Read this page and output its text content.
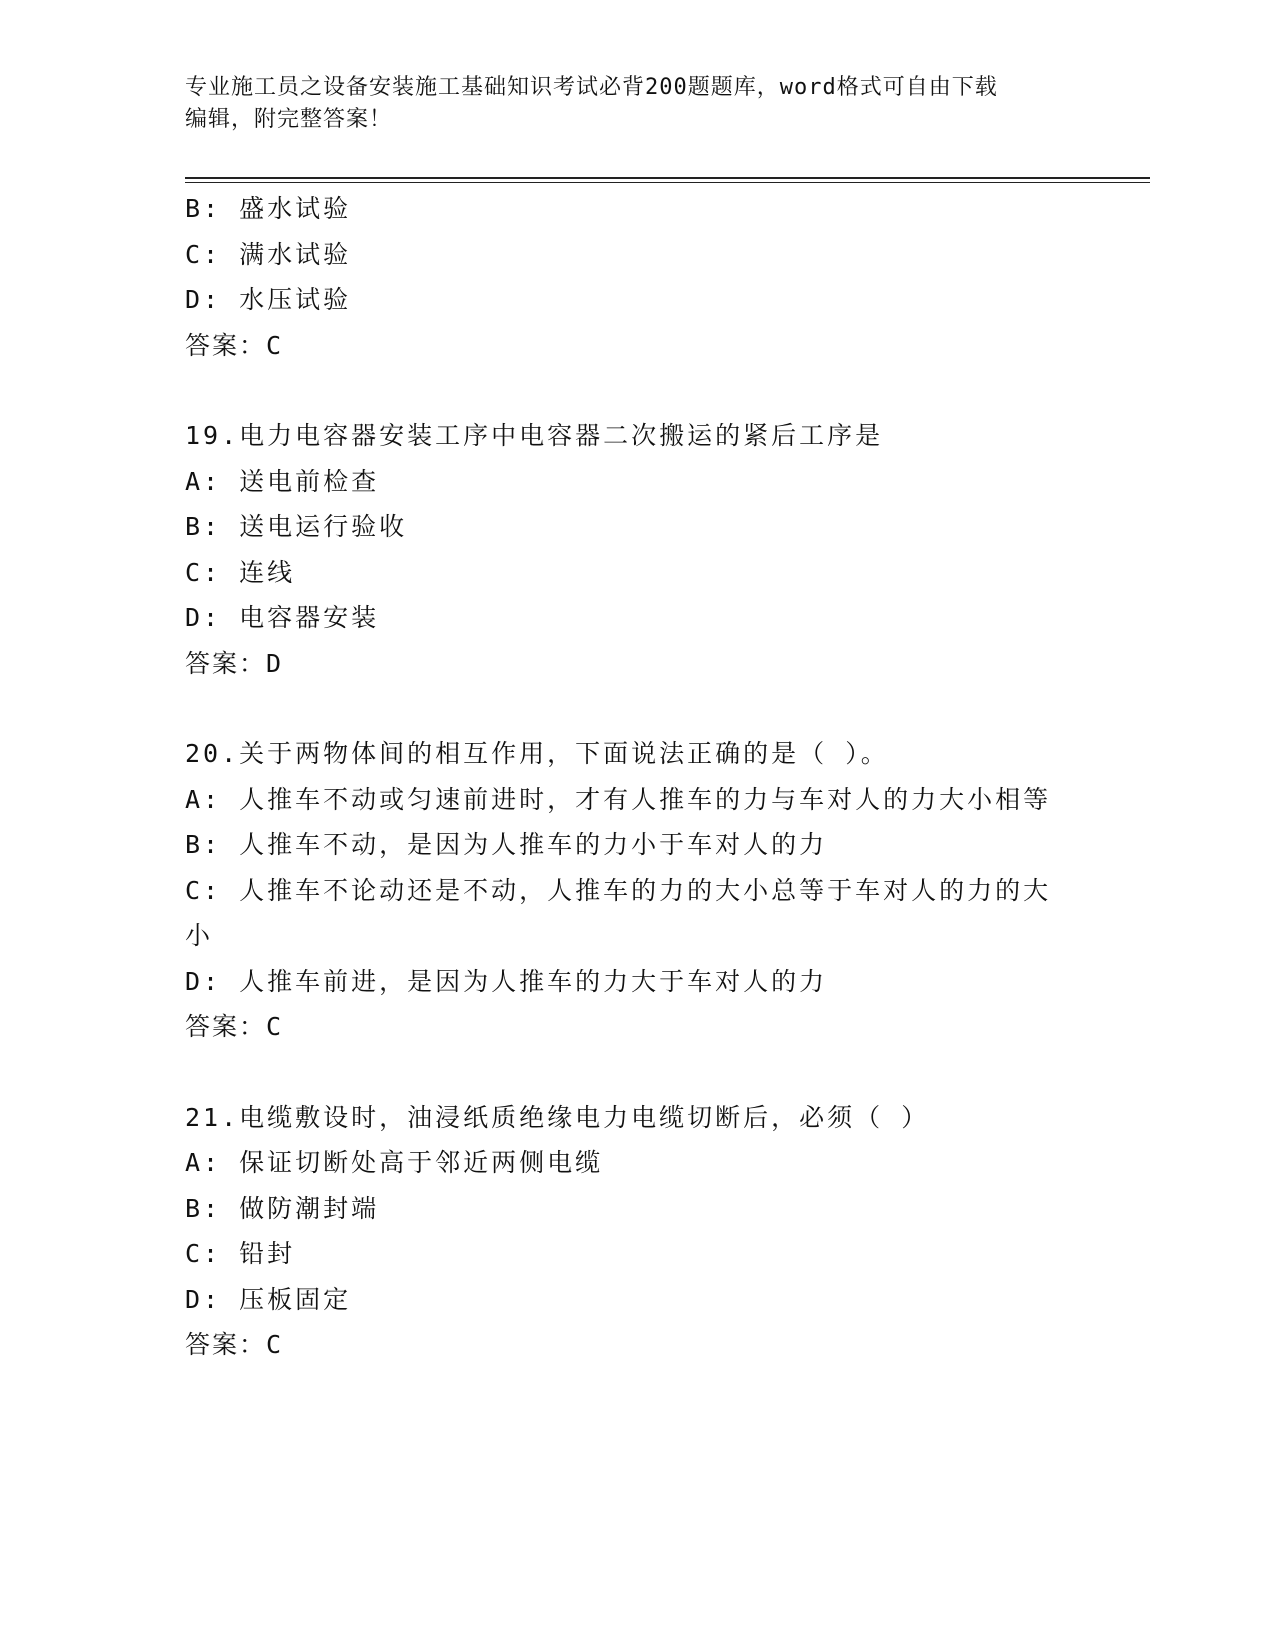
专业施工员之设备安装施工基础知识考试必背200题题库，word格式可自由下载
编辑，附完整答案！
B: 盛水试验
C: 满水试验
D: 水压试验
答案：C
19.电力电容器安装工序中电容器二次搬运的紧后工序是
A: 送电前检查
B: 送电运行验收
C: 连线
D: 电容器安装
答案：D
20.关于两物体间的相互作用，下面说法正确的是（ ）。
A: 人推车不动或匀速前进时，才有人推车的力与车对人的力大小相等
B: 人推车不动，是因为人推车的力小于车对人的力
C: 人推车不论动还是不动，人推车的力的大小总等于车对人的力的大小
D: 人推车前进，是因为人推车的力大于车对人的力
答案：C
21.电缆敷设时，油浸纸质绝缘电力电缆切断后，必须（ ）
A: 保证切断处高于邻近两侧电缆
B: 做防潮封端
C: 铅封
D: 压板固定
答案：C
